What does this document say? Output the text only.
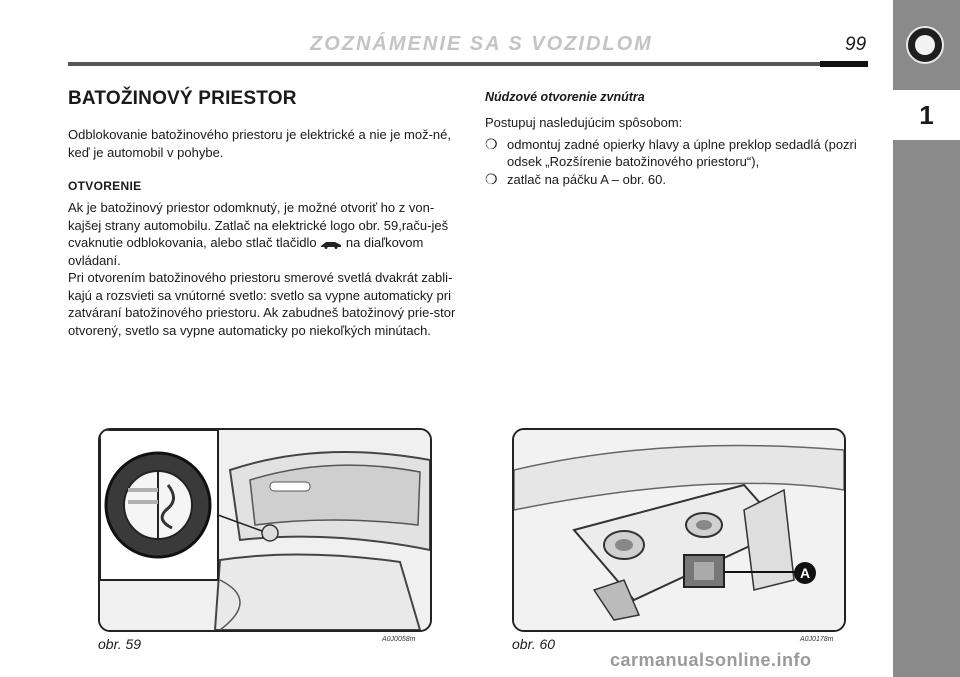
1
ZOZNÁMENIE SA S VOZIDLOM	99
BATOŽINOVÝ PRIESTOR

Odblokovanie batožinového priestoru je elektrické a nie je mož-né, keď je automobil v pohybe.

OTVORENIE

Ak je batožinový priestor odomknutý, je možné otvoriť ho z von-kajšej strany automobilu. Zatlač na elektrické logo obr. 59,raču-ješ cvaknutie odblokovania, alebo stlač tlačidlo na diaľkovom ovládaní.

Pri otvorením batožinového priestoru smerové svetlá dvakrát zabli-kajú a rozsvieti sa vnútorné svetlo: svetlo sa vypne automaticky pri zatváraní batožinového priestoru. Ak zabudneš batožinový prie-stor otvorený, svetlo sa vypne automaticky po niekoľkých minútach.

Núdzové otvorenie zvnútra

Postupuj nasledujúcim spôsobom:

❍ odmontuj zadné opierky hlavy a úplne preklop sedadlá (pozri odsek „Rozšírenie batožinového priestoru“),
❍ zatlač na páčku A – obr. 60.
obr. 59	A0J0058m
A
obr. 60	A0J0178m
carmanualsonline.info
